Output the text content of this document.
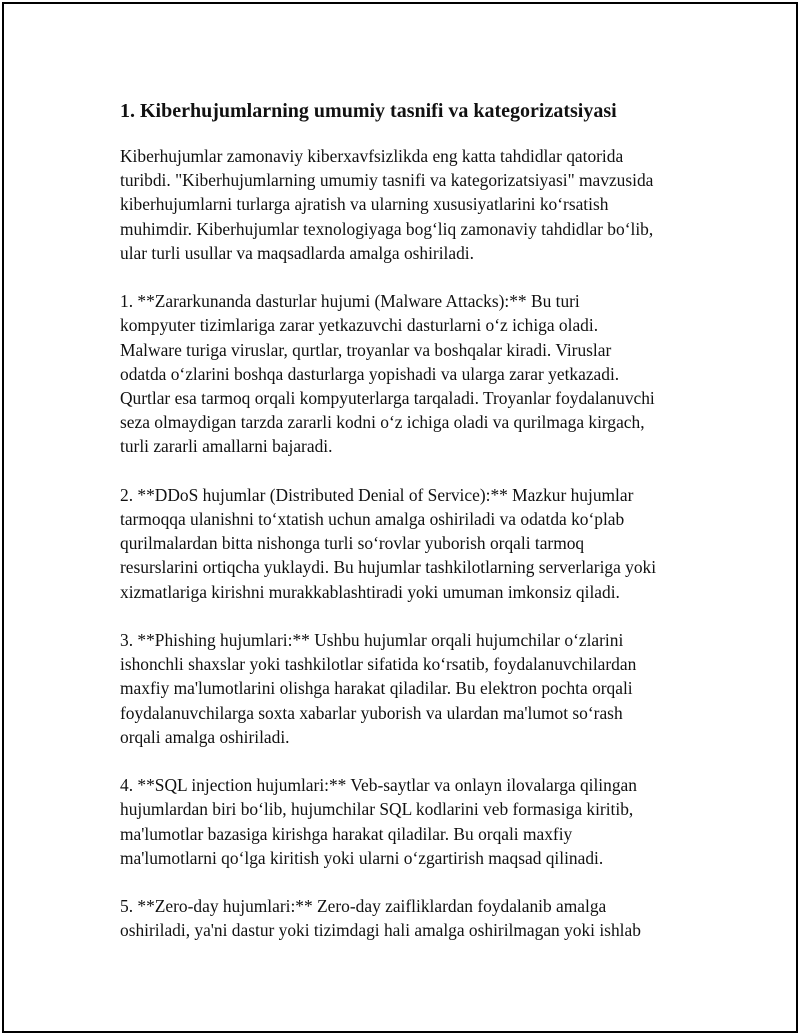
1. Kiberhujumlarning umumiy tasnifi va kategorizatsiyasi
Kiberhujumlar zamonaviy kiberxavfsizlikda eng katta tahdidlar qatorida
turibdi. "Kiberhujumlarning umumiy tasnifi va kategorizatsiyasi" mavzusida
kiberhujumlarni turlarga ajratish va ularning xususiyatlarini ko‘rsatish
muhimdir. Kiberhujumlar texnologiyaga bog‘liq zamonaviy tahdidlar bo‘lib,
ular turli usullar va maqsadlarda amalga oshiriladi.
1. **Zararkunanda dasturlar hujumi (Malware Attacks):** Bu turi
kompyuter tizimlariga zarar yetkazuvchi dasturlarni o‘z ichiga oladi.
Malware turiga viruslar, qurtlar, troyanlar va boshqalar kiradi. Viruslar
odatda o‘zlarini boshqa dasturlarga yopishadi va ularga zarar yetkazadi.
Qurtlar esa tarmoq orqali kompyuterlarga tarqaladi. Troyanlar foydalanuvchi
seza olmaydigan tarzda zararli kodni o‘z ichiga oladi va qurilmaga kirgach,
turli zararli amallarni bajaradi.
2. **DDoS hujumlar (Distributed Denial of Service):** Mazkur hujumlar
tarmoqqa ulanishni to‘xtatish uchun amalga oshiriladi va odatda ko‘plab
qurilmalardan bitta nishonga turli so‘rovlar yuborish orqali tarmoq
resurslarini ortiqcha yuklaydi. Bu hujumlar tashkilotlarning serverlariga yoki
xizmatlariga kirishni murakkablashtiradi yoki umuman imkonsiz qiladi.
3. **Phishing hujumlari:** Ushbu hujumlar orqali hujumchilar o‘zlarini
ishonchli shaxslar yoki tashkilotlar sifatida ko‘rsatib, foydalanuvchilardan
maxfiy ma'lumotlarini olishga harakat qiladilar. Bu elektron pochta orqali
foydalanuvchilarga soxta xabarlar yuborish va ulardan ma'lumot so‘rash
orqali amalga oshiriladi.
4. **SQL injection hujumlari:** Veb-saytlar va onlayn ilovalarga qilingan
hujumlardan biri bo‘lib, hujumchilar SQL kodlarini veb formasiga kiritib,
ma'lumotlar bazasiga kirishga harakat qiladilar. Bu orqali maxfiy
ma'lumotlarni qo‘lga kiritish yoki ularni o‘zgartirish maqsad qilinadi.
5. **Zero-day hujumlari:** Zero-day zaifliklardan foydalanib amalga
oshiriladi, ya'ni dastur yoki tizimdagi hali amalga oshirilmagan yoki ishlab
